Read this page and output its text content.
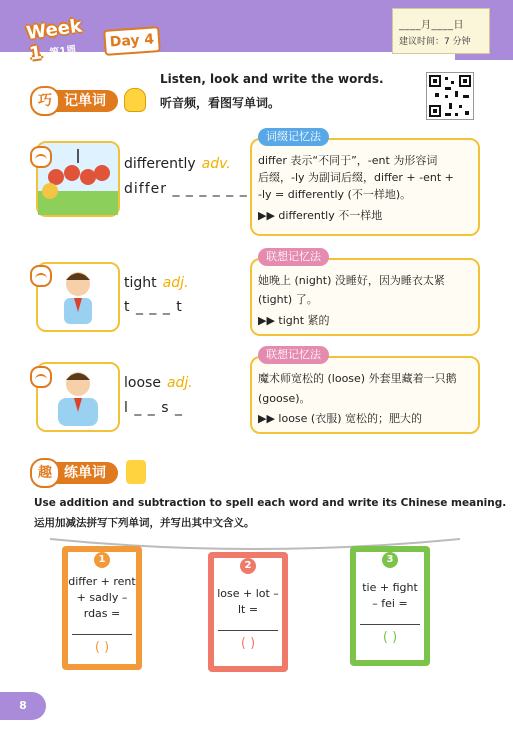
Week 1 第1周
Day 4
____月____日
建议时间：7 分钟
巧 记单词
Listen, look and write the words.
听音频，看图写单词。
differently adv.
differ _ _ _ _ _ _
词缀记忆法
differ 表示“不同于”，-ent 为形容词
后缀，-ly 为副词后缀，differ + -ent +
-ly = differently (不一样地)。
▶▶ differently 不一样地
tight adj.
t _ _ _ t
联想记忆法
她晚上 (night) 没睡好，因为睡衣太紧
(tight) 了。
▶▶ tight 紧的
loose adj.
l _ _ s _
联想记忆法
魔术师宽松的 (loose) 外套里藏着一只鹅
(goose)。
▶▶ loose (衣服) 宽松的；肥大的
趣 练单词
Use addition and subtraction to spell each word and write its Chinese meaning.
运用加减法拼写下列单词，并写出其中文含义。
1
differ + rent
+ sadly –
rdas =
( )
2
lose + lot –
lt =
( )
3
tie + fight
– fei =
( )
8
